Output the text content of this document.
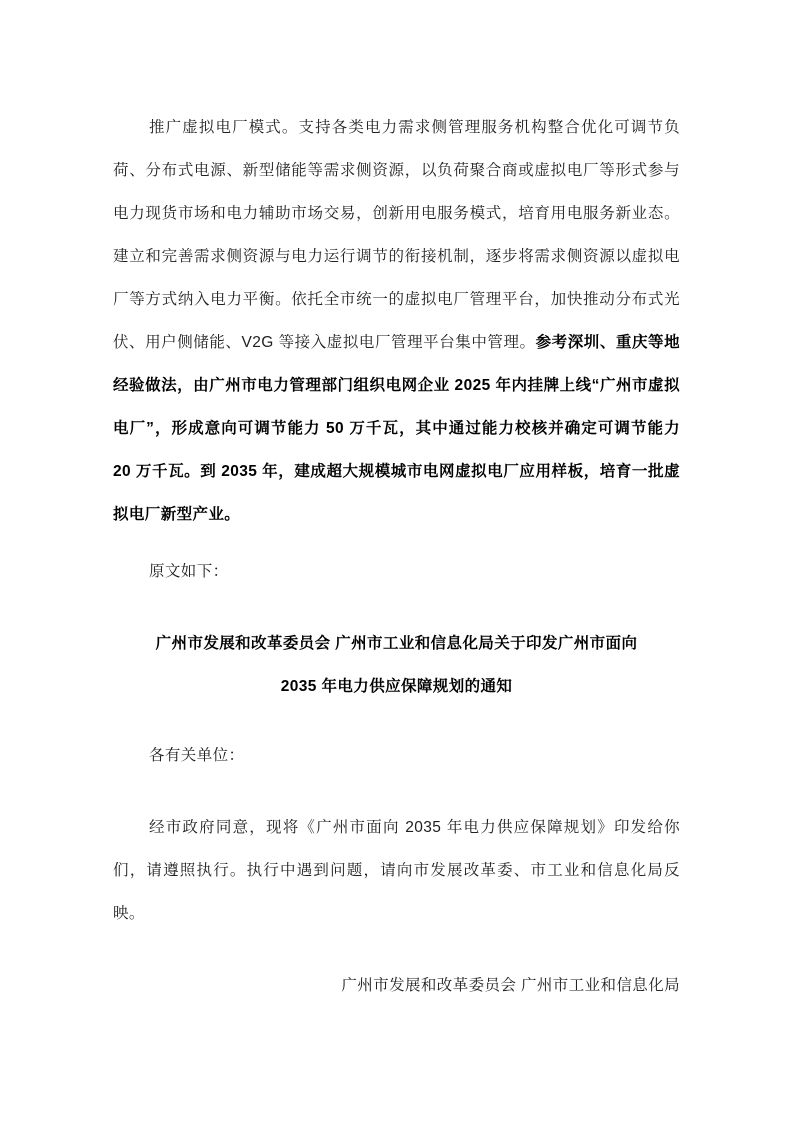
推广虚拟电厂模式。支持各类电力需求侧管理服务机构整合优化可调节负荷、分布式电源、新型储能等需求侧资源，以负荷聚合商或虚拟电厂等形式参与电力现货市场和电力辅助市场交易，创新用电服务模式，培育用电服务新业态。建立和完善需求侧资源与电力运行调节的衔接机制，逐步将需求侧资源以虚拟电厂等方式纳入电力平衡。依托全市统一的虚拟电厂管理平台，加快推动分布式光伏、用户侧储能、V2G 等接入虚拟电厂管理平台集中管理。参考深圳、重庆等地经验做法，由广州市电力管理部门组织电网企业 2025 年内挂牌上线“广州市虚拟电厂”，形成意向可调节能力 50 万千瓦，其中通过能力校核并确定可调节能力 20 万千瓦。到 2035 年，建成超大规模城市电网虚拟电厂应用样板，培育一批虚拟电厂新型产业。

原文如下：

广州市发展和改革委员会 广州市工业和信息化局关于印发广州市面向
2035 年电力供应保障规划的通知

各有关单位：

经市政府同意，现将《广州市面向 2035 年电力供应保障规划》印发给你们，请遵照执行。执行中遇到问题，请向市发展改革委、市工业和信息化局反映。

广州市发展和改革委员会 广州市工业和信息化局
